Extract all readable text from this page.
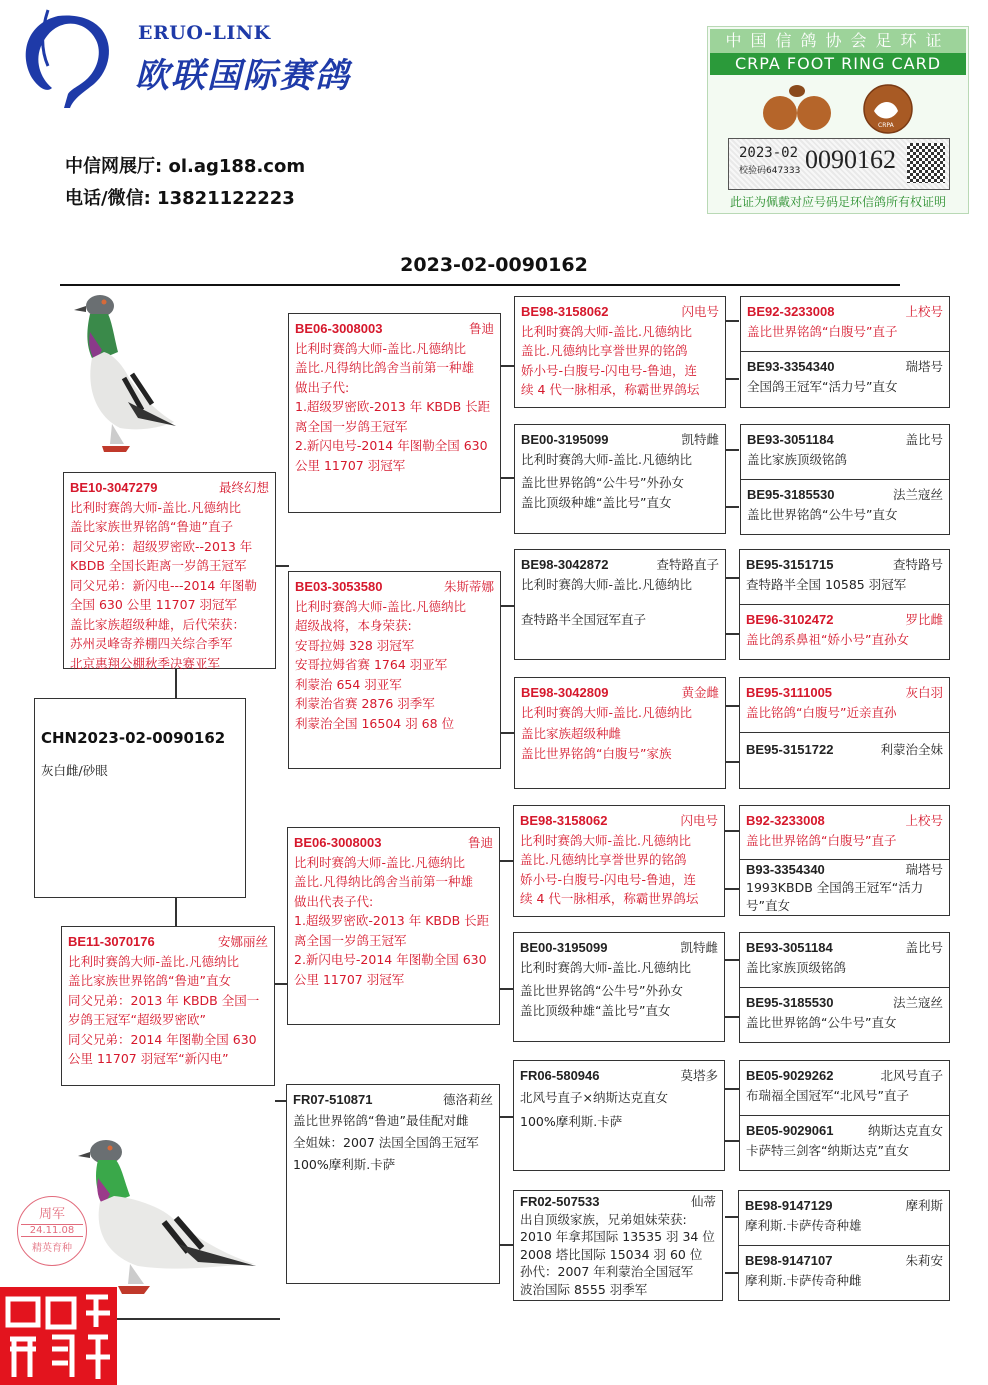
ERUO-LINK
欧联国际赛鸽
中信网展厅: ol.ag188.com
电话/微信: 13821122223
中国信鸽协会足环证
CRPA FOOT RING CARD
CRPA
2023-02
校验码647333 0090162
此证为佩戴对应号码足环信鸽所有权证明
2023-02-0090162
CHN2023-02-0090162
灰白雌/砂眼
BE10-3047279	最终幻想
比利时赛鸽大师-盖比.凡德纳比
盖比家族世界铭鸽“鲁迪”直子
同父兄弟：超级罗密欧--2013 年
KBDB 全国长距离一岁鸽王冠军
同父兄弟：新闪电---2014 年图勒
全国 630 公里 11707 羽冠军
盖比家族超级种雄，后代荣获：
苏州灵峰寄养棚四关综合季军
北京惠翔公棚秋季决赛亚军
BE11-3070176	安娜丽丝
比利时赛鸽大师-盖比.凡德纳比
盖比家族世界铭鸽“鲁迪”直女
同父兄弟：2013 年 KBDB 全国一
岁鸽王冠军“超级罗密欧”
同父兄弟：2014 年图勒全国 630
公里 11707 羽冠军“新闪电”
BE06-3008003	鲁迪
比利时赛鸽大师-盖比.凡德纳比
盖比.凡得纳比鸽舍当前第一种雄
做出子代:
1.超级罗密欧-2013 年 KBDB 长距
离全国一岁鸽王冠军
2.新闪电号-2014 年图勒全国 630
公里 11707 羽冠军
BE03-3053580	朱斯蒂娜
比利时赛鸽大师-盖比.凡德纳比
超级战将，本身荣获:
安哥拉姆 328 羽冠军
安哥拉姆省赛 1764 羽亚军
利蒙治 654 羽亚军
利蒙治省赛 2876 羽季军
利蒙治全国 16504 羽 68 位
BE06-3008003	鲁迪
比利时赛鸽大师-盖比.凡德纳比
盖比.凡得纳比鸽舍当前第一种雄
做出代表子代:
1.超级罗密欧-2013 年 KBDB 长距
离全国一岁鸽王冠军
2.新闪电号-2014 年图勒全国 630
公里 11707 羽冠军
FR07-510871	德洛莉丝
盖比世界铭鸽“鲁迪”最佳配对雌
全姐妹：2007 法国全国鸽王冠军
100%摩利斯.卡萨
BE98-3158062	闪电号
比利时赛鸽大师-盖比.凡德纳比
盖比.凡德纳比享誉世界的铭鸽
娇小号-白腹号-闪电号-鲁迪，连
续 4 代一脉相承，称霸世界鸽坛
BE00-3195099	凯特雌
比利时赛鸽大师-盖比.凡德纳比
盖比世界铭鸽“公牛号”外孙女
盖比顶级种雄“盖比号”直女
BE98-3042872	查特路直子
比利时赛鸽大师-盖比.凡德纳比
查特路半全国冠军直子
BE98-3042809	黄金雌
比利时赛鸽大师-盖比.凡德纳比
盖比家族超级种雌
盖比世界铭鸽“白腹号”家族
BE98-3158062	闪电号
比利时赛鸽大师-盖比.凡德纳比
盖比.凡德纳比享誉世界的铭鸽
娇小号-白腹号-闪电号-鲁迪，连
续 4 代一脉相承，称霸世界鸽坛
BE00-3195099	凯特雌
比利时赛鸽大师-盖比.凡德纳比
盖比世界铭鸽“公牛号”外孙女
盖比顶级种雄“盖比号”直女
FR06-580946	莫塔多
北风号直子×纳斯达克直女
100%摩利斯.卡萨
FR02-507533	仙蒂
出自顶级家族，兄弟姐妹荣获:
2010 年拿邦国际 13535 羽 34 位
2008 塔比国际 15034 羽 60 位
孙代：2007 年利蒙治全国冠军
波治国际 8555 羽季军
BE92-3233008	上校号
盖比世界铭鸽“白腹号”直子
BE93-3354340	瑞塔号
全国鸽王冠军“活力号”直女
BE93-3051184	盖比号
盖比家族顶级铭鸽
BE95-3185530	法兰寇丝
盖比世界铭鸽“公牛号”直女
BE95-3151715	查特路号
查特路半全国 10585 羽冠军
BE96-3102472	罗比雌
盖比鸽系鼻祖“娇小号”直孙女
BE95-3111005	灰白羽
盖比铭鸽“白腹号”近亲直孙
BE95-3151722	利蒙治全妹
B92-3233008	上校号
盖比世界铭鸽“白腹号”直子
B93-3354340	瑞塔号
1993KBDB 全国鸽王冠军“活力
号”直女
BE93-3051184	盖比号
盖比家族顶级铭鸽
BE95-3185530	法兰寇丝
盖比世界铭鸽“公牛号”直女
BE05-9029262	北风号直子
布瑞福全国冠军“北风号”直子
BE05-9029061	纳斯达克直女
卡萨特三剑客“纳斯达克”直女
BE98-9147129	摩利斯
摩利斯.卡萨传奇种雄
BE98-9147107	朱莉安
摩利斯.卡萨传奇种雌
周军
24.11.08
精英育种
